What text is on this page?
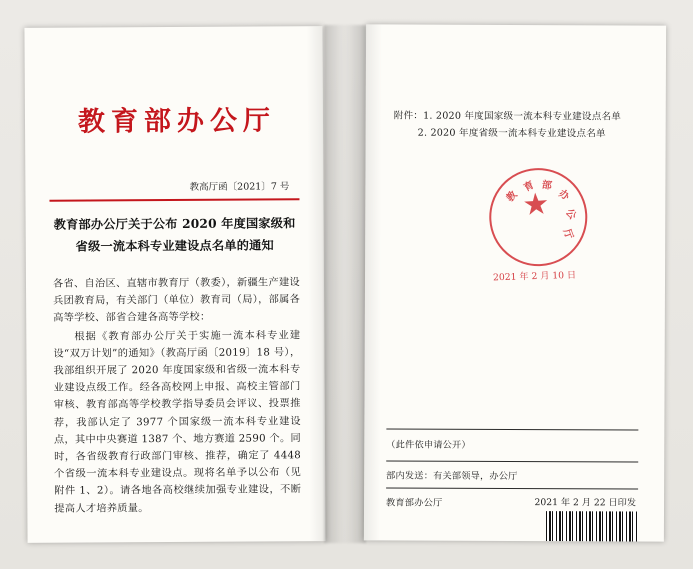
教育部办公厅
教高厅函〔2021〕7 号
教育部办公厅关于公布 2020 年度国家级和
省级一流本科专业建设点名单的通知

各省、自治区、直辖市教育厅（教委），新疆生产建设兵团教育局，有关部门（单位）教育司（局），部属各高等学校、部省合建各高等学校：

根据《教育部办公厅关于实施一流本科专业建设“双万计划”的通知》（教高厅函〔2019〕18 号），我部组织开展了 2020 年度国家级和省级一流本科专业建设点级工作。经各高校网上申报、高校主管部门审核、教育部高等学校教学指导委员会评议、投票推荐，我部认定了 3977 个国家级一流本科专业建设点，其中中央赛道 1387 个、地方赛道 2590 个。同时，各省级教育行政部门审核、推荐，确定了 4448 个省级一流本科专业建设点。现将名单予以公布（见附件 1、2）。请各地各高校继续加强专业建设，不断提高人才培养质量。

附件：1. 2020 年度国家级一流本科专业建设点名单
2. 2020 年度省级一流本科专业建设点名单
教
育 部
办
公
厅
2021 年 2 月 10 日
（此件依申请公开）
部内发送：有关部领导，办公厅
教育部办公厅	2021 年 2 月 22 日印发
